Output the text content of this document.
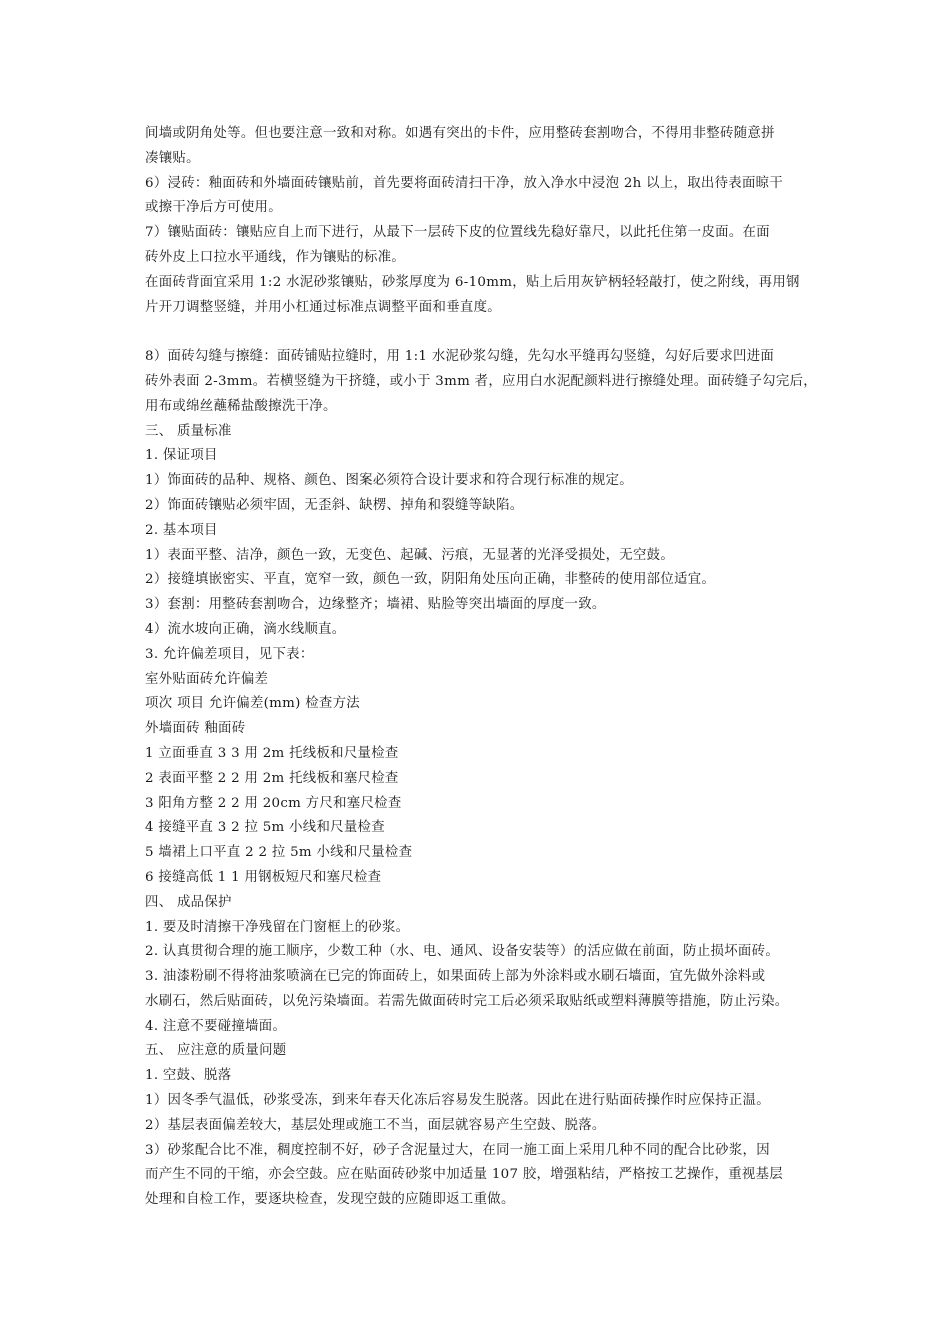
间墙或阴角处等。但也要注意一致和对称。如遇有突出的卡件，应用整砖套割吻合，不得用非整砖随意拼
凑镶贴。
6）浸砖：釉面砖和外墙面砖镶贴前，首先要将面砖清扫干净，放入净水中浸泡 2h 以上，取出待表面晾干
或擦干净后方可使用。
7）镶贴面砖：镶贴应自上而下进行，从最下一层砖下皮的位置线先稳好靠尺，以此托住第一皮面。在面
砖外皮上口拉水平通线，作为镶贴的标准。
在面砖背面宜采用 1:2 水泥砂浆镶贴，砂浆厚度为 6-10mm，贴上后用灰铲柄轻轻敲打，使之附线，再用钢
片开刀调整竖缝，并用小杠通过标准点调整平面和垂直度。
8）面砖勾缝与擦缝：面砖铺贴拉缝时，用 1:1 水泥砂浆勾缝，先勾水平缝再勾竖缝，勾好后要求凹进面
砖外表面 2-3mm。若横竖缝为干挤缝，或小于 3mm 者，应用白水泥配颜料进行擦缝处理。面砖缝子勾完后，
用布或绵丝蘸稀盐酸擦洗干净。
三、 质量标准
1. 保证项目
1）饰面砖的品种、规格、颜色、图案必须符合设计要求和符合现行标准的规定。
2）饰面砖镶贴必须牢固，无歪斜、缺楞、掉角和裂缝等缺陷。
2. 基本项目
1）表面平整、洁净，颜色一致，无变色、起碱、污痕，无显著的光泽受损处，无空鼓。
2）接缝填嵌密实、平直，宽窄一致，颜色一致，阴阳角处压向正确，非整砖的使用部位适宜。
3）套割：用整砖套割吻合，边缘整齐；墙裙、贴脸等突出墙面的厚度一致。
4）流水坡向正确，滴水线顺直。
3. 允许偏差项目，见下表：
室外贴面砖允许偏差
项次 项目 允许偏差(mm) 检查方法
外墙面砖 釉面砖
1 立面垂直 3 3 用 2m 托线板和尺量检查
2 表面平整 2 2 用 2m 托线板和塞尺检查
3 阳角方整 2 2 用 20cm 方尺和塞尺检查
4 接缝平直 3 2 拉 5m 小线和尺量检查
5 墙裙上口平直 2 2 拉 5m 小线和尺量检查
6 接缝高低 1 1 用钢板短尺和塞尺检查
四、 成品保护
1. 要及时清擦干净残留在门窗框上的砂浆。
2. 认真贯彻合理的施工顺序，少数工种（水、电、通风、设备安装等）的活应做在前面，防止损坏面砖。
3. 油漆粉刷不得将油浆喷滴在已完的饰面砖上，如果面砖上部为外涂料或水刷石墙面，宜先做外涂料或
水刷石，然后贴面砖，以免污染墙面。若需先做面砖时完工后必须采取贴纸或塑料薄膜等措施，防止污染。
4. 注意不要碰撞墙面。
五、 应注意的质量问题
1. 空鼓、脱落
1）因冬季气温低，砂浆受冻，到来年春天化冻后容易发生脱落。因此在进行贴面砖操作时应保持正温。
2）基层表面偏差较大，基层处理或施工不当，面层就容易产生空鼓、脱落。
3）砂浆配合比不准，稠度控制不好，砂子含泥量过大，在同一施工面上采用几种不同的配合比砂浆，因
而产生不同的干缩，亦会空鼓。应在贴面砖砂浆中加适量 107 胶，增强粘结，严格按工艺操作，重视基层
处理和自检工作，要逐块检查，发现空鼓的应随即返工重做。
